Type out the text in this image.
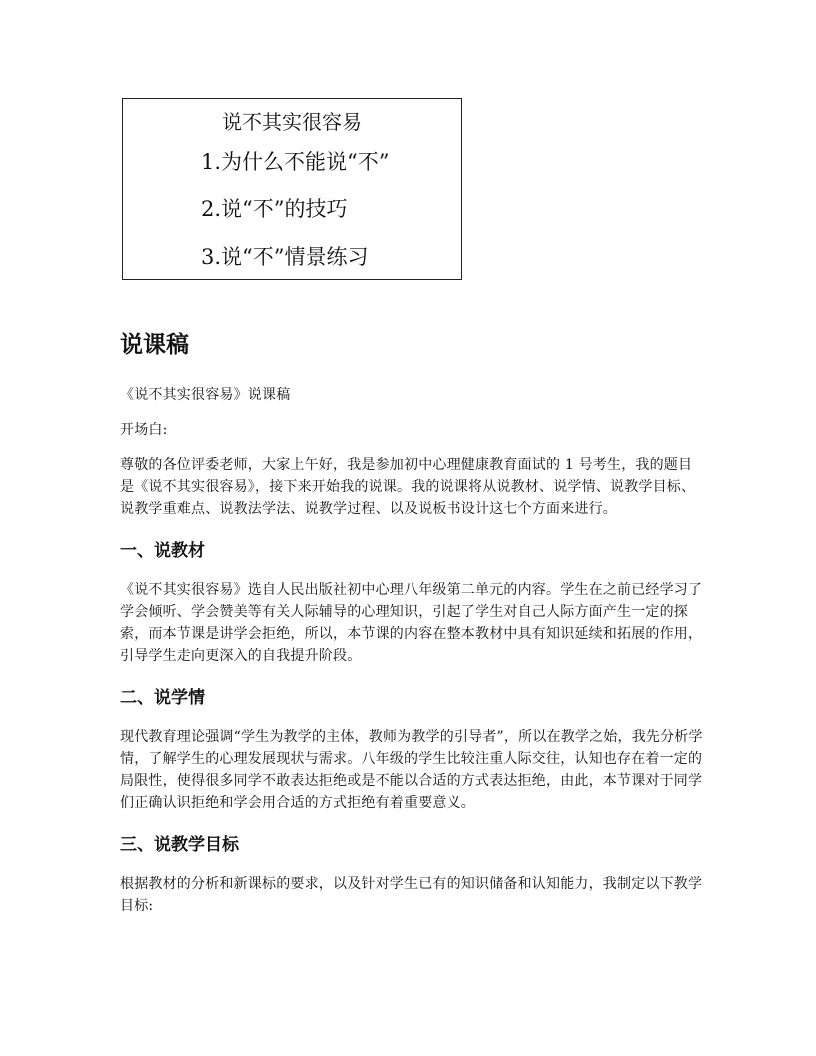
说不其实很容易
1.为什么不能说“不”
2.说“不”的技巧
3.说“不”情景练习
说课稿

《说不其实很容易》说课稿

开场白:

尊敬的各位评委老师，大家上午好，我是参加初中心理健康教育面试的 1 号考生，我的题目是《说不其实很容易》，接下来开始我的说课。我的说课将从说教材、说学情、说教学目标、说教学重难点、说教法学法、说教学过程、以及说板书设计这七个方面来进行。

一、说教材

《说不其实很容易》选自人民出版社初中心理八年级第二单元的内容。学生在之前已经学习了学会倾听、学会赞美等有关人际辅导的心理知识，引起了学生对自己人际方面产生一定的探索，而本节课是讲学会拒绝，所以，本节课的内容在整本教材中具有知识延续和拓展的作用，引导学生走向更深入的自我提升阶段。

二、说学情

现代教育理论强调“学生为教学的主体，教师为教学的引导者”，所以在教学之始，我先分析学情，了解学生的心理发展现状与需求。八年级的学生比较注重人际交往，认知也存在着一定的局限性，使得很多同学不敢表达拒绝或是不能以合适的方式表达拒绝，由此，本节课对于同学们正确认识拒绝和学会用合适的方式拒绝有着重要意义。

三、说教学目标

根据教材的分析和新课标的要求，以及针对学生已有的知识储备和认知能力，我制定以下教学目标:
